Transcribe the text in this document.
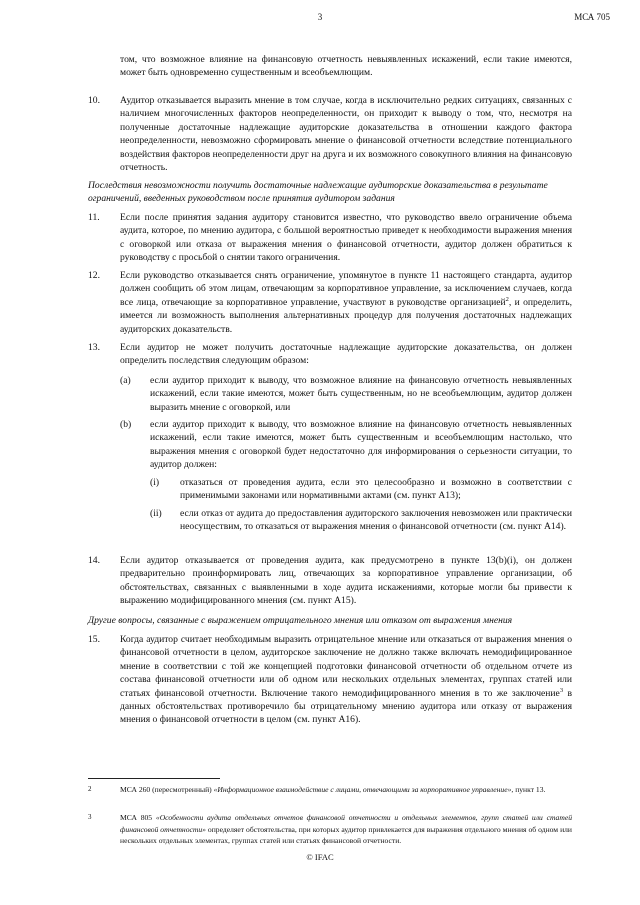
3	МСА 705

том, что возможное влияние на финансовую отчетность невыявленных искажений, если такие имеются, может быть одновременно существенным и всеобъемлющим.

10. Аудитор отказывается выразить мнение в том случае, когда в исключительно редких ситуациях, связанных с наличием многочисленных факторов неопределенности, он приходит к выводу о том, что, несмотря на полученные достаточные надлежащие аудиторские доказательства в отношении каждого фактора неопределенности, невозможно сформировать мнение о финансовой отчетности вследствие потенциального воздействия факторов неопределенности друг на друга и их возможного совокупного влияния на финансовую отчетность.

Последствия невозможности получить достаточные надлежащие аудиторские доказательства в результате ограничений, введенных руководством после принятия аудитором задания

11. Если после принятия задания аудитору становится известно, что руководство ввело ограничение объема аудита, которое, по мнению аудитора, с большой вероятностью приведет к необходимости выражения мнения с оговоркой или отказа от выражения мнения о финансовой отчетности, аудитор должен обратиться к руководству с просьбой о снятии такого ограничения.

12. Если руководство отказывается снять ограничение, упомянутое в пункте 11 настоящего стандарта, аудитор должен сообщить об этом лицам, отвечающим за корпоративное управление, за исключением случаев, когда все лица, отвечающие за корпоративное управление, участвуют в руководстве организацией$^2$, и определить, имеется ли возможность выполнения альтернативных процедур для получения достаточных надлежащих аудиторских доказательств.

13. Если аудитор не может получить достаточные надлежащие аудиторские доказательства, он должен определить последствия следующим образом:

(a) если аудитор приходит к выводу, что возможное влияние на финансовую отчетность невыявленных искажений, если такие имеются, может быть существенным, но не всеобъемлющим, аудитор должен выразить мнение с оговоркой, или

(b) если аудитор приходит к выводу, что возможное влияние на финансовую отчетность невыявленных искажений, если такие имеются, может быть существенным и всеобъемлющим настолько, что выражения мнения с оговоркой будет недостаточно для информирования о серьезности ситуации, то аудитор должен:

(i) отказаться от проведения аудита, если это целесообразно и возможно в соответствии с применимыми законами или нормативными актами (см. пункт А13);

(ii) если отказ от аудита до предоставления аудиторского заключения невозможен или практически неосуществим, то отказаться от выражения мнения о финансовой отчетности (см. пункт А14).

14. Если аудитор отказывается от проведения аудита, как предусмотрено в пункте 13(b)(i), он должен предварительно проинформировать лиц, отвечающих за корпоративное управление организации, об обстоятельствах, связанных с выявленными в ходе аудита искажениями, которые могли бы привести к выражению модифицированного мнения (см. пункт А15).

Другие вопросы, связанные с выражением отрицательного мнения или отказом от выражения мнения

15. Когда аудитор считает необходимым выразить отрицательное мнение или отказаться от выражения мнения о финансовой отчетности в целом, аудиторское заключение не должно также включать немодифицированное мнение в соответствии с той же концепцией подготовки финансовой отчетности об отдельном отчете из состава финансовой отчетности или об одном или нескольких отдельных элементах, группах статей или статьях финансовой отчетности. Включение такого немодифицированного мнения в то же заключение$^3$ в данных обстоятельствах противоречило бы отрицательному мнению аудитора или отказу от выражения мнения о финансовой отчетности в целом (см. пункт А16).

2	МСА 260 (пересмотренный) «Информационное взаимодействие с лицами, отвечающими за корпоративное управление», пункт 13.

3	МСА 805 «Особенности аудита отдельных отчетов финансовой отчетности и отдельных элементов, групп статей или статей финансовой отчетности» определяет обстоятельства, при которых аудитор привлекается для выражения отдельного мнения об одном или нескольких отдельных элементах, группах статей или статьях финансовой отчетности.

© IFAC
